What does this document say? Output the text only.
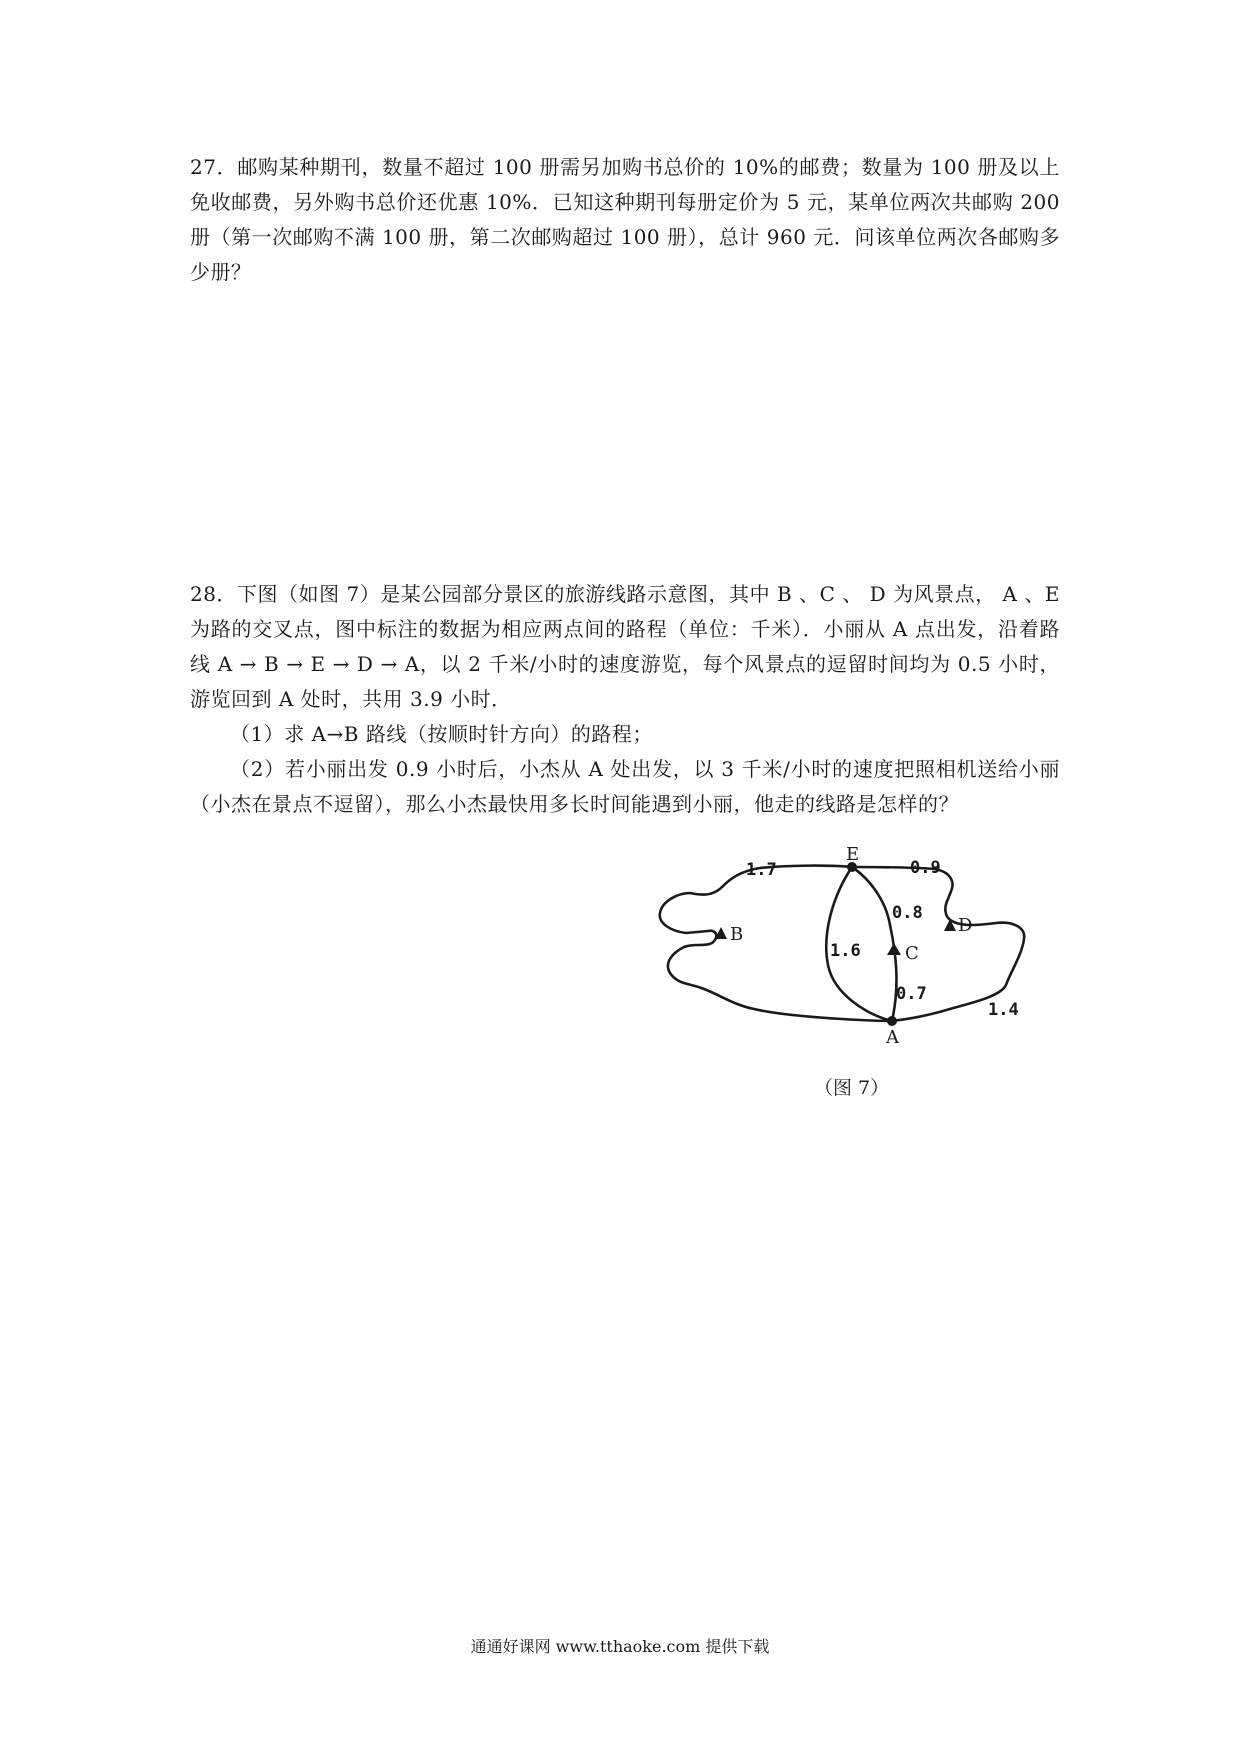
27．邮购某种期刊，数量不超过 100 册需另加购书总价的 10%的邮费；数量为 100 册及以上免收邮费，另外购书总价还优惠 10%．已知这种期刊每册定价为 5 元，某单位两次共邮购 200 册（第一次邮购不满 100 册，第二次邮购超过 100 册），总计 960 元．问该单位两次各邮购多少册？

28．下图（如图 7）是某公园部分景区的旅游线路示意图，其中 B 、C 、 D 为风景点， A 、E 为路的交叉点，图中标注的数据为相应两点间的路程（单位：千米）．小丽从 A 点出发，沿着路线 A → B → E → D → A，以 2 千米/小时的速度游览，每个风景点的逗留时间均为 0.5 小时，游览回到 A 处时，共用 3.9 小时．

（1）求 A→B 路线（按顺时针方向）的路程；

（2）若小丽出发 0.9 小时后，小杰从 A 处出发，以 3 千米/小时的速度把照相机送给小丽（小杰在景点不逗留），那么小杰最快用多长时间能遇到小丽，他走的线路是怎样的？

E
B
C
D
A
1.7	0.9
0.8
1.6
0.7
1.4
（图 7）
通通好课网 www.tthaoke.com 提供下载
